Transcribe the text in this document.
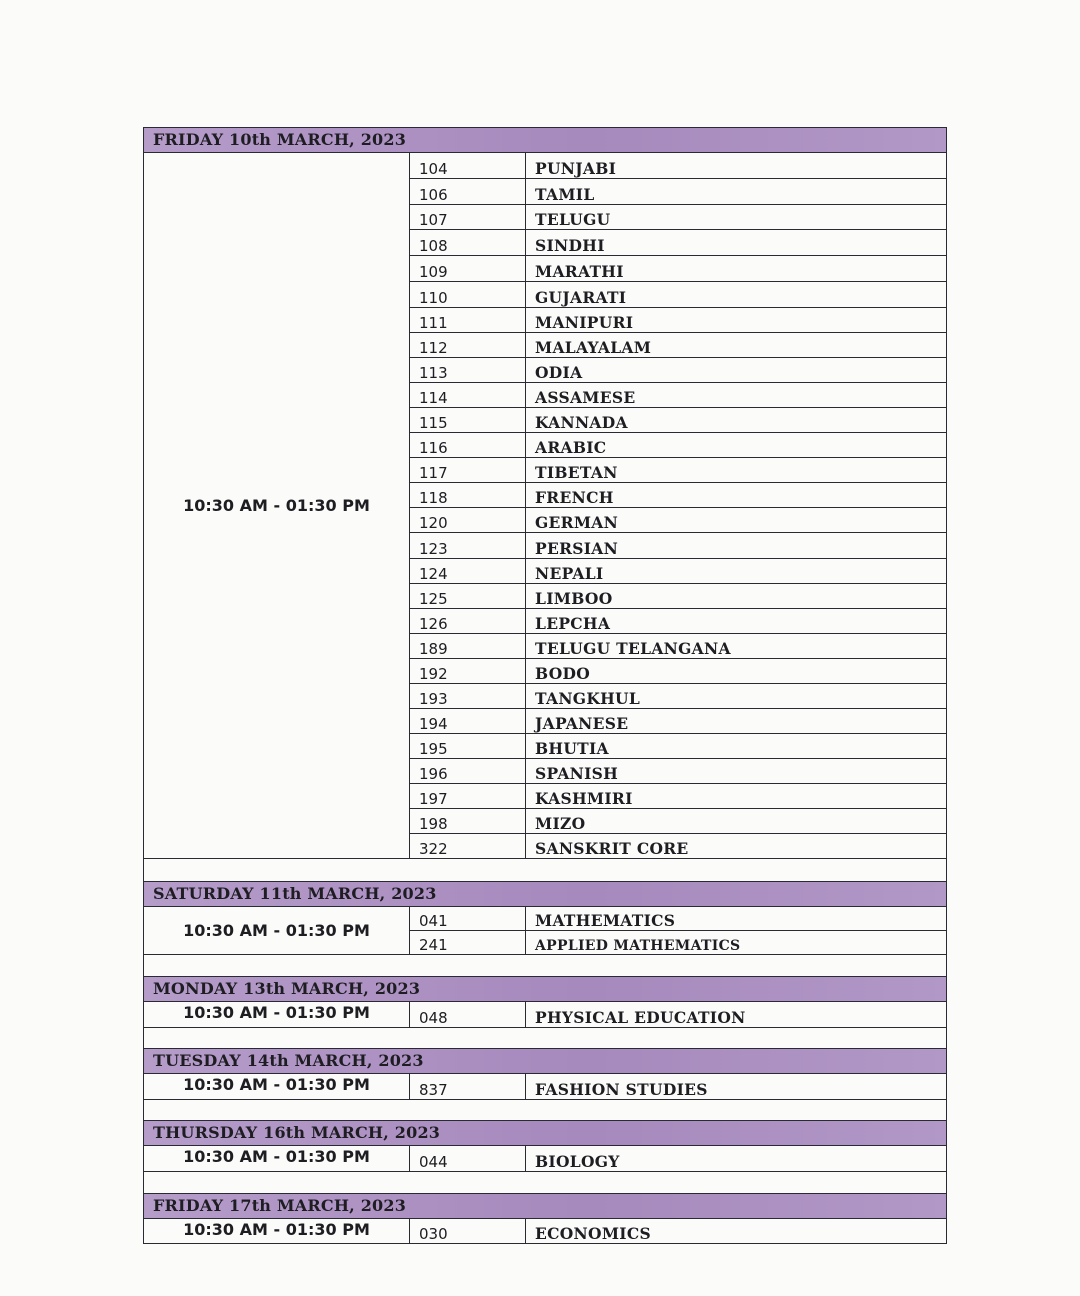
FRIDAY 10th MARCH, 2023		
10:30 AM - 01:30 PM	104	PUNJABI
	106	TAMIL
	107	TELUGU
	108	SINDHI
	109	MARATHI
	110	GUJARATI
	111	MANIPURI
	112	MALAYALAM
	113	ODIA
	114	ASSAMESE
	115	KANNADA
	116	ARABIC
	117	TIBETAN
	118	FRENCH
	120	GERMAN
	123	PERSIAN
	124	NEPALI
	125	LIMBOO
	126	LEPCHA
	189	TELUGU TELANGANA
	192	BODO
	193	TANGKHUL
	194	JAPANESE
	195	BHUTIA
	196	SPANISH
	197	KASHMIRI
	198	MIZO
	322	SANSKRIT CORE

SATURDAY 11th MARCH, 2023		
10:30 AM - 01:30 PM	041	MATHEMATICS
	241	APPLIED MATHEMATICS

MONDAY 13th MARCH, 2023		
10:30 AM - 01:30 PM	048	PHYSICAL EDUCATION

TUESDAY 14th MARCH, 2023		
10:30 AM - 01:30 PM	837	FASHION STUDIES

THURSDAY 16th MARCH, 2023		
10:30 AM - 01:30 PM	044	BIOLOGY

FRIDAY 17th MARCH, 2023		
10:30 AM - 01:30 PM	030	ECONOMICS
